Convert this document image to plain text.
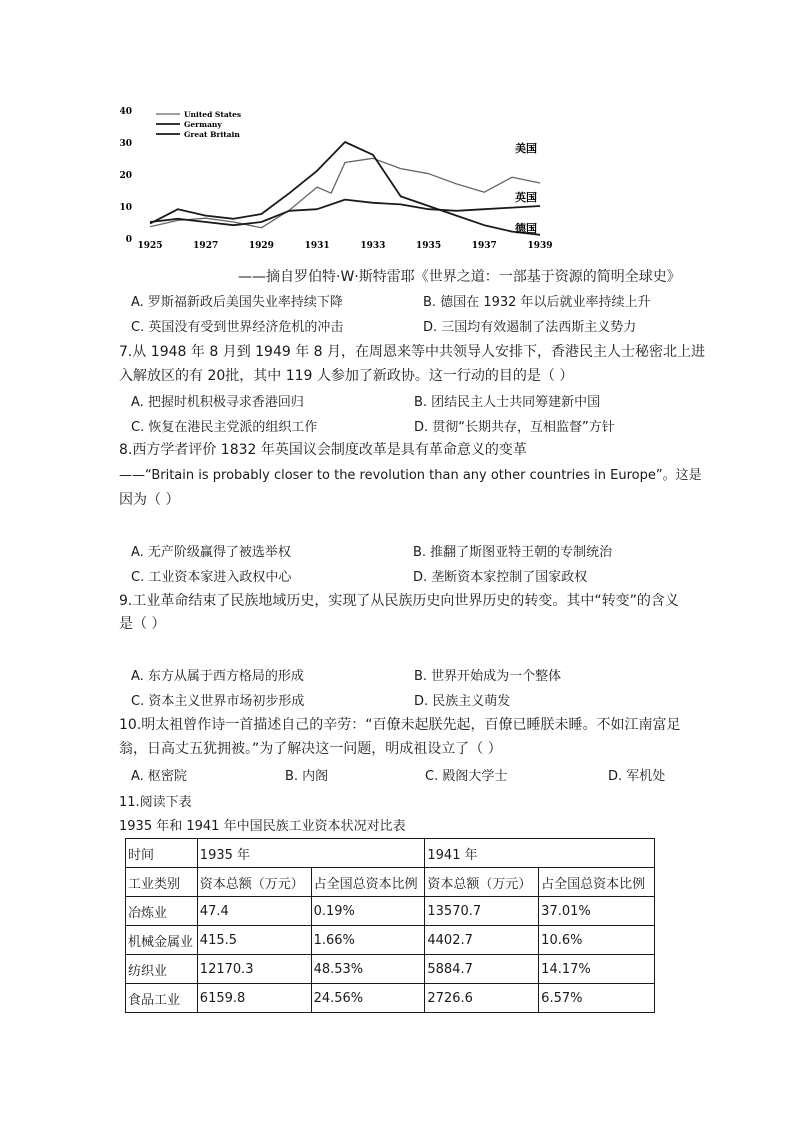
0
10
20
30
40
1925	1927	1929	1931	1933	1935	1937	1939
United States
Germany
Great Britain
美国
英国
德国
——摘自罗伯特·W·斯特雷耶《世界之道：一部基于资源的简明全球史》
A. 罗斯福新政后美国失业率持续下降	B. 德国在 1932 年以后就业率持续上升
C. 英国没有受到世界经济危机的冲击	D. 三国均有效遏制了法西斯主义势力
7.从 1948 年 8 月到 1949 年 8 月，在周恩来等中共领导人安排下，香港民主人士秘密北上进
入解放区的有 20批，其中 119 人参加了新政协。这一行动的目的是（ ）
A. 把握时机积极寻求香港回归	B. 团结民主人士共同筹建新中国
C. 恢复在港民主党派的组织工作	D. 贯彻“长期共存，互相监督”方针
8.西方学者评价 1832 年英国议会制度改革是具有革命意义的变革
——“Britain is probably closer to the revolution than any other countries in Europe”。这是
因为（ ）
A. 无产阶级赢得了被选举权	B. 推翻了斯图亚特王朝的专制统治
C. 工业资本家进入政权中心	D. 垄断资本家控制了国家政权
9.工业革命结束了民族地域历史，实现了从民族历史向世界历史的转变。其中“转变”的含义
是（ ）
A. 东方从属于西方格局的形成	B. 世界开始成为一个整体
C. 资本主义世界市场初步形成	D. 民族主义萌发
10.明太祖曾作诗一首描述自己的辛劳：“百僚未起朕先起，百僚已睡朕未睡。不如江南富足
翁，日高丈五犹拥被。”为了解决这一问题，明成祖设立了（ ）
A. 枢密院	B. 内阁	C. 殿阁大学士	D. 军机处
11.阅读下表
1935 年和 1941 年中国民族工业资本状况对比表
时间	1935 年		1941 年	
工业类别	资本总额（万元）	占全国总资本比例	资本总额（万元）	占全国总资本比例
冶炼业	47.4	0.19%	13570.7	37.01%
机械金属业	415.5	1.66%	4402.7	10.6%
纺织业	12170.3	48.53%	5884.7	14.17%
食品工业	6159.8	24.56%	2726.6	6.57%
